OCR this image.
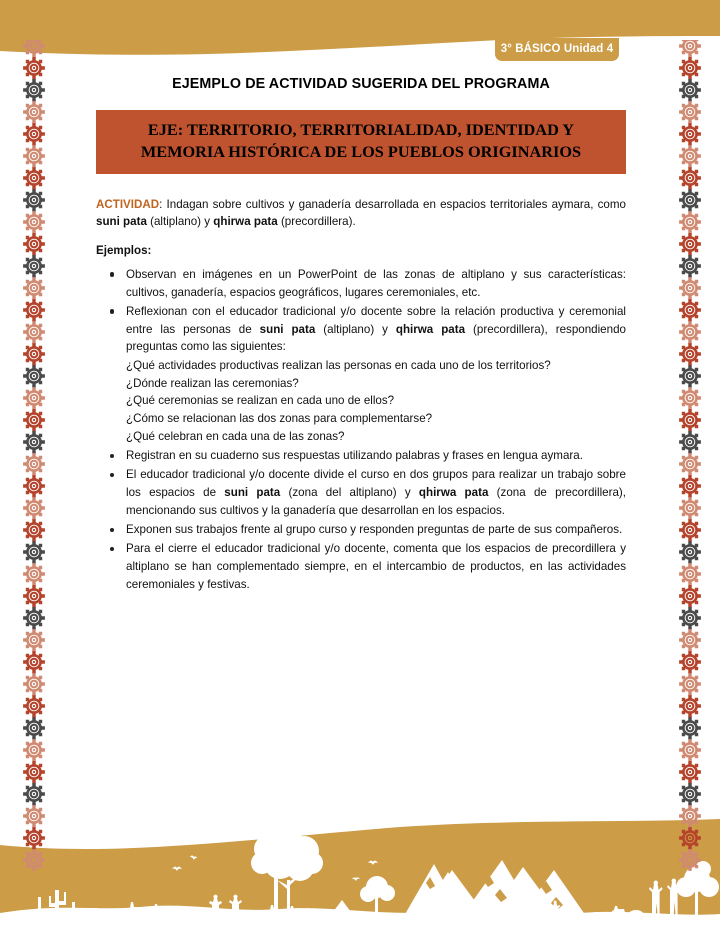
3° BÁSICO Unidad 4
EJEMPLO DE ACTIVIDAD SUGERIDA DEL PROGRAMA
EJE: TERRITORIO, TERRITORIALIDAD, IDENTIDAD Y
MEMORIA HISTÓRICA DE LOS PUEBLOS ORIGINARIOS

ACTIVIDAD: Indagan sobre cultivos y ganadería desarrollada en espacios territoriales aymara, como suni pata (altiplano) y qhirwa pata (precordillera).

Ejemplos:
Observan en imágenes en un PowerPoint de las zonas de altiplano y sus características: cultivos, ganadería, espacios geográficos, lugares ceremoniales, etc.
Reflexionan con el educador tradicional y/o docente sobre la relación productiva y ceremonial entre las personas de suni pata (altiplano) y qhirwa pata (precordillera), respondiendo preguntas como las siguientes:
¿Qué actividades productivas realizan las personas en cada uno de los territorios?
¿Dónde realizan las ceremonias?
¿Qué ceremonias se realizan en cada uno de ellos?
¿Cómo se relacionan las dos zonas para complementarse?
¿Qué celebran en cada una de las zonas?
Registran en su cuaderno sus respuestas utilizando palabras y frases en lengua aymara.
El educador tradicional y/o docente divide el curso en dos grupos para realizar un trabajo sobre los espacios de suni pata (zona del altiplano) y qhirwa pata (zona de precordillera), mencionando sus cultivos y la ganadería que desarrollan en los espacios.
Exponen sus trabajos frente al grupo curso y responden preguntas de parte de sus compañeros.
Para el cierre el educador tradicional y/o docente, comenta que los espacios de precordillera y altiplano se han complementado siempre, en el intercambio de productos, en las actividades ceremoniales y festivas.
